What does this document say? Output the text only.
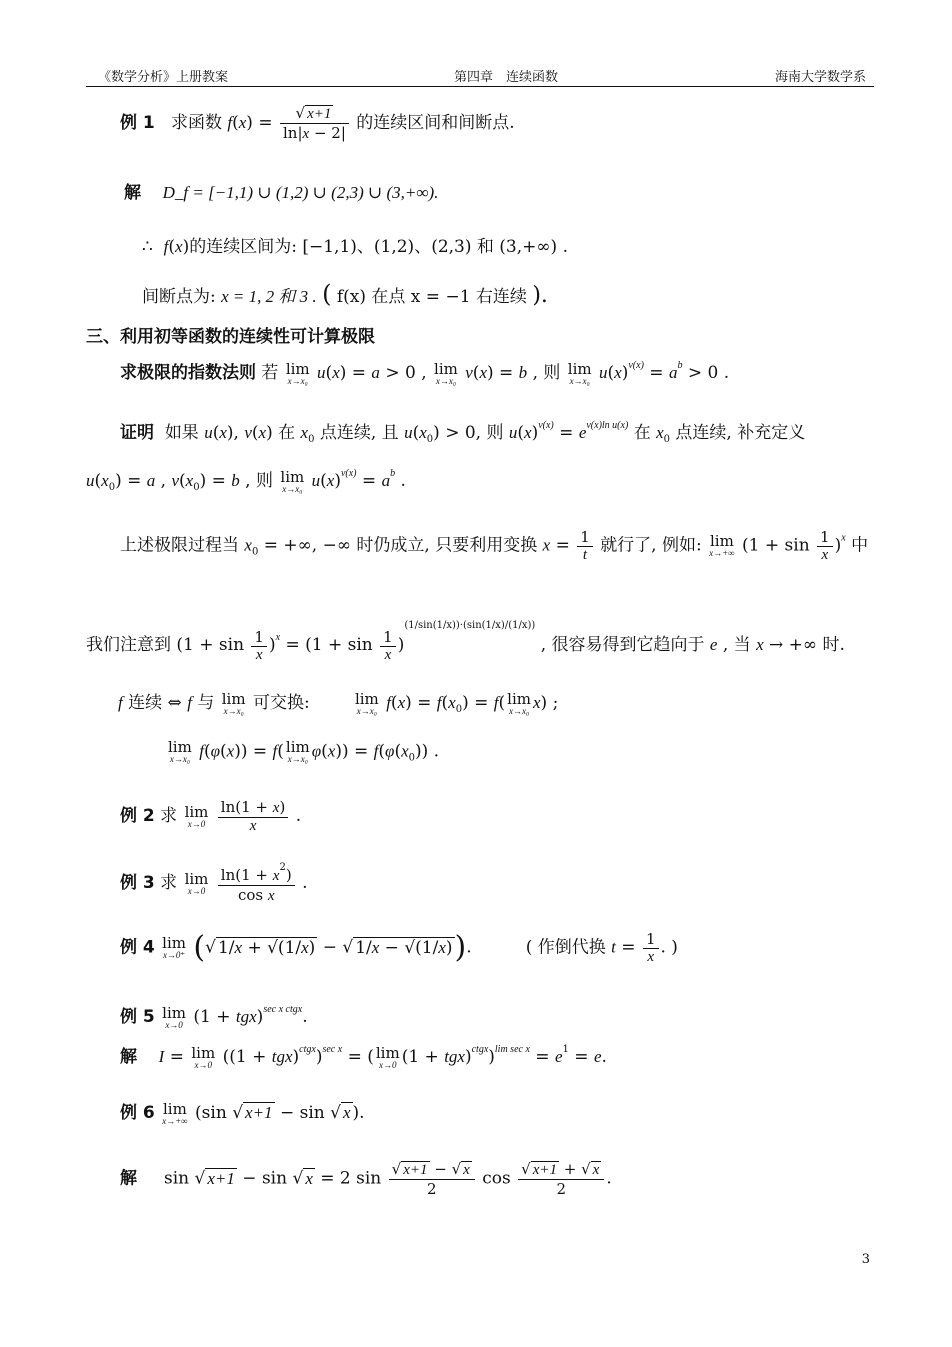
《数学分析》上册教案	第四章　连续函数	海南大学数学系
例 1 求函数 $f(x) = \frac{√ x+1}{\ln|x - 2|}$ 的连续区间和间断点.
解 D_f = [−1,1) ∪ (1,2) ∪ (2,3) ∪ (3,+∞).
∴ f(x)的连续区间为: [−1,1)、(1,2)、(2,3) 和 (3,+∞) .
间断点为: x = 1, 2 和 3 . ( f(x) 在点 x = −1 右连续 ).
三、利用初等函数的连续性可计算极限
求极限的指数法则 若 lim
x→x₀ u(x) = a > 0 , lim
x→x₀ v(x) = b , 则 lim
x→x₀ $u(x)^{v(x)} = a^b > 0$ .
证明 如果 u(x), v(x) 在 $x_0$ 点连续, 且 $u(x_0) > 0$, 则 $u(x)^{v(x)} = e^{v(x)ln u(x)}$ 在 $x_0$ 点连续, 补充定义
$u(x_0) = a$ , $v(x_0) = b$ , 则 lim
x→x₀ $u(x)^{v(x)} = a^b$ .
上述极限过程当 $x_0$ = +∞, −∞ 时仍成立, 只要利用变换 $x = \frac{1}{t}$ 就行了, 例如: lim
x→+∞ $(1 + \sin \frac{1}{x} )^x$ 中
我们注意到 $(1 + \sin \frac{1}{x} )^x = (1 + \sin \frac{1}{x} )^{(1/sin(1/x))\cdot(sin(1/x)/(1/x))}$ , 很容易得到它趋向于 e , 当 x → +∞ 时.
f 连续 ⇔ f 与 lim
x→x₀ 可交换:	lim
x→x₀ $f(x) = f(x_0) = f$( lim
x→x₀ x) ;
lim
x→x₀ f(φ(x)) = f( lim
x→x₀ $\varphi(x)) = f(\varphi(x_0))$ .
例 2 求 lim
x→0
$\frac{\ln(1 + x)}{x}$ .
例 3 求 lim
x→0
$\frac{\ln(1 + x^2)}{\text{cos x}}$ .
例 4 lim
x→0⁺ (√ 1/x + √(1/x) − √ 1/x − √(1/x)).          ( 作倒代换 $t = \frac{1}{x}$ . )
例 5 lim
x→0 (1 + tgx)$^{sec x ctgx}$.
解 I = lim
x→0 $((1 + tgx)^{ctgx})^{sec x}$ = ( lim
x→0 $(1 + tgx)^{ctgx})^{lim sec x} = e^1 = e$.
例 6 lim
x→+∞ (sin √ x+1 − sin √ x ).
解     sin √ x+1 − sin √ x = 2 $\sin \frac{√ x+1 - √ x}{2}$ $\cos \frac{√ x+1 + √ x}{2}$ .
3
